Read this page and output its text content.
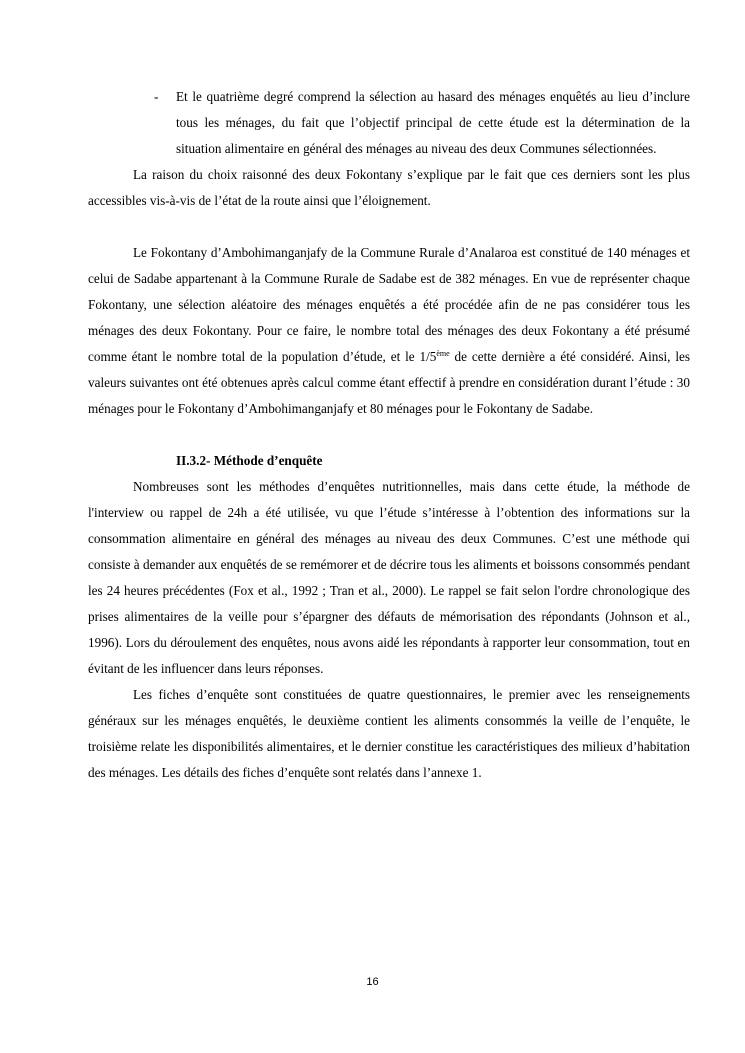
- Et le quatrième degré comprend la sélection au hasard des ménages enquêtés au lieu d’inclure tous les ménages, du fait que l’objectif principal de cette étude est la détermination de la situation alimentaire en général des ménages au niveau des deux Communes sélectionnées.

La raison du choix raisonné des deux Fokontany s’explique par le fait que ces derniers sont les plus accessibles vis-à-vis de l’état de la route ainsi que l’éloignement.

Le Fokontany d’Ambohimanganjafy de la Commune Rurale d’Analaroa est constitué de 140 ménages et celui de Sadabe appartenant à la Commune Rurale de Sadabe est de 382 ménages. En vue de représenter chaque Fokontany, une sélection aléatoire des ménages enquêtés a été procédée afin de ne pas considérer tous les ménages des deux Fokontany. Pour ce faire, le nombre total des ménages des deux Fokontany a été présumé comme étant le nombre total de la population d’étude, et le 1/5ème de cette dernière a été considéré. Ainsi, les valeurs suivantes ont été obtenues après calcul comme étant effectif à prendre en considération durant l’étude : 30 ménages pour le Fokontany d’Ambohimanganjafy et 80 ménages pour le Fokontany de Sadabe.

II.3.2- Méthode d’enquête

Nombreuses sont les méthodes d’enquêtes nutritionnelles, mais dans cette étude, la méthode de l'interview ou rappel de 24h a été utilisée, vu que l’étude s’intéresse à l’obtention des informations sur la consommation alimentaire en général des ménages au niveau des deux Communes. C’est une méthode qui consiste à demander aux enquêtés de se remémorer et de décrire tous les aliments et boissons consommés pendant les 24 heures précédentes (Fox et al., 1992 ; Tran et al., 2000). Le rappel se fait selon l'ordre chronologique des prises alimentaires de la veille pour s’épargner des défauts de mémorisation des répondants (Johnson et al., 1996). Lors du déroulement des enquêtes, nous avons aidé les répondants à rapporter leur consommation, tout en évitant de les influencer dans leurs réponses.

Les fiches d’enquête sont constituées de quatre questionnaires, le premier avec les renseignements généraux sur les ménages enquêtés, le deuxième contient les aliments consommés la veille de l’enquête, le troisième relate les disponibilités alimentaires, et le dernier constitue les caractéristiques des milieux d’habitation des ménages. Les détails des fiches d’enquête sont relatés dans l’annexe 1.

16
